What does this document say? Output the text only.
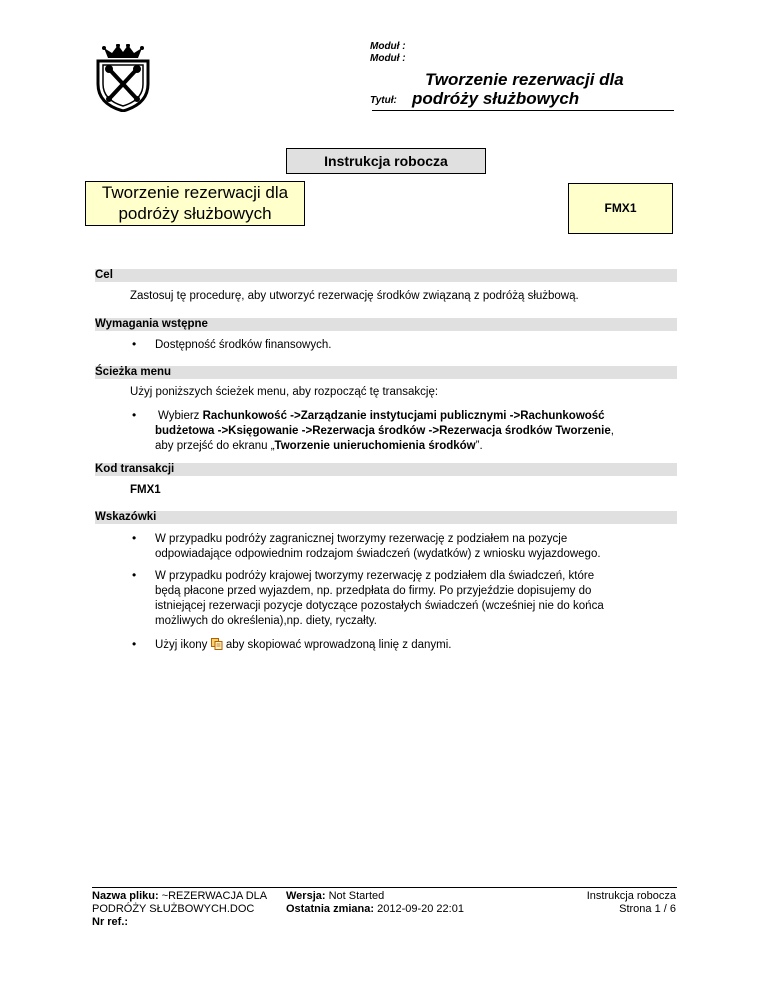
Moduł :
Moduł :
Tworzenie rezerwacji dla
Tytuł: podróży służbowych
Instrukcja robocza
Tworzenie rezerwacji dla
podróży służbowych	FMX1
Cel
Zastosuj tę procedurę, aby utworzyć rezerwację środków związaną z podróżą służbową.
Wymagania wstępne
• Dostępność środków finansowych.
Ścieżka menu
Użyj poniższych ścieżek menu, aby rozpocząć tę transakcję:
• Wybierz Rachunkowość ->Zarządzanie instytucjami publicznymi ->Rachunkowość
budżetowa ->Księgowanie ->Rezerwacja środków ->Rezerwacja środków Tworzenie,
aby przejść do ekranu „Tworzenie unieruchomienia środków”.
Kod transakcji
FMX1
Wskazówki
• W przypadku podróży zagranicznej tworzymy rezerwację z podziałem na pozycje
odpowiadające odpowiednim rodzajom świadczeń (wydatków) z wniosku wyjazdowego.
• W przypadku podróży krajowej tworzymy rezerwację z podziałem dla świadczeń, które
będą płacone przed wyjazdem, np. przedpłata do firmy. Po przyjeździe dopisujemy do
istniejącej rezerwacji pozycje dotyczące pozostałych świadczeń (wcześniej nie do końca
możliwych do określenia),np. diety, ryczałty.
• Użyj ikony aby skopiować wprowadzoną linię z danymi.
Nazwa pliku: ~REZERWACJA DLA
PODRÓŻY SŁUŻBOWYCH.DOC
Nr ref.:
Wersja: Not Started
Ostatnia zmiana: 2012-09-20 22:01
Instrukcja robocza
Strona 1 / 6
